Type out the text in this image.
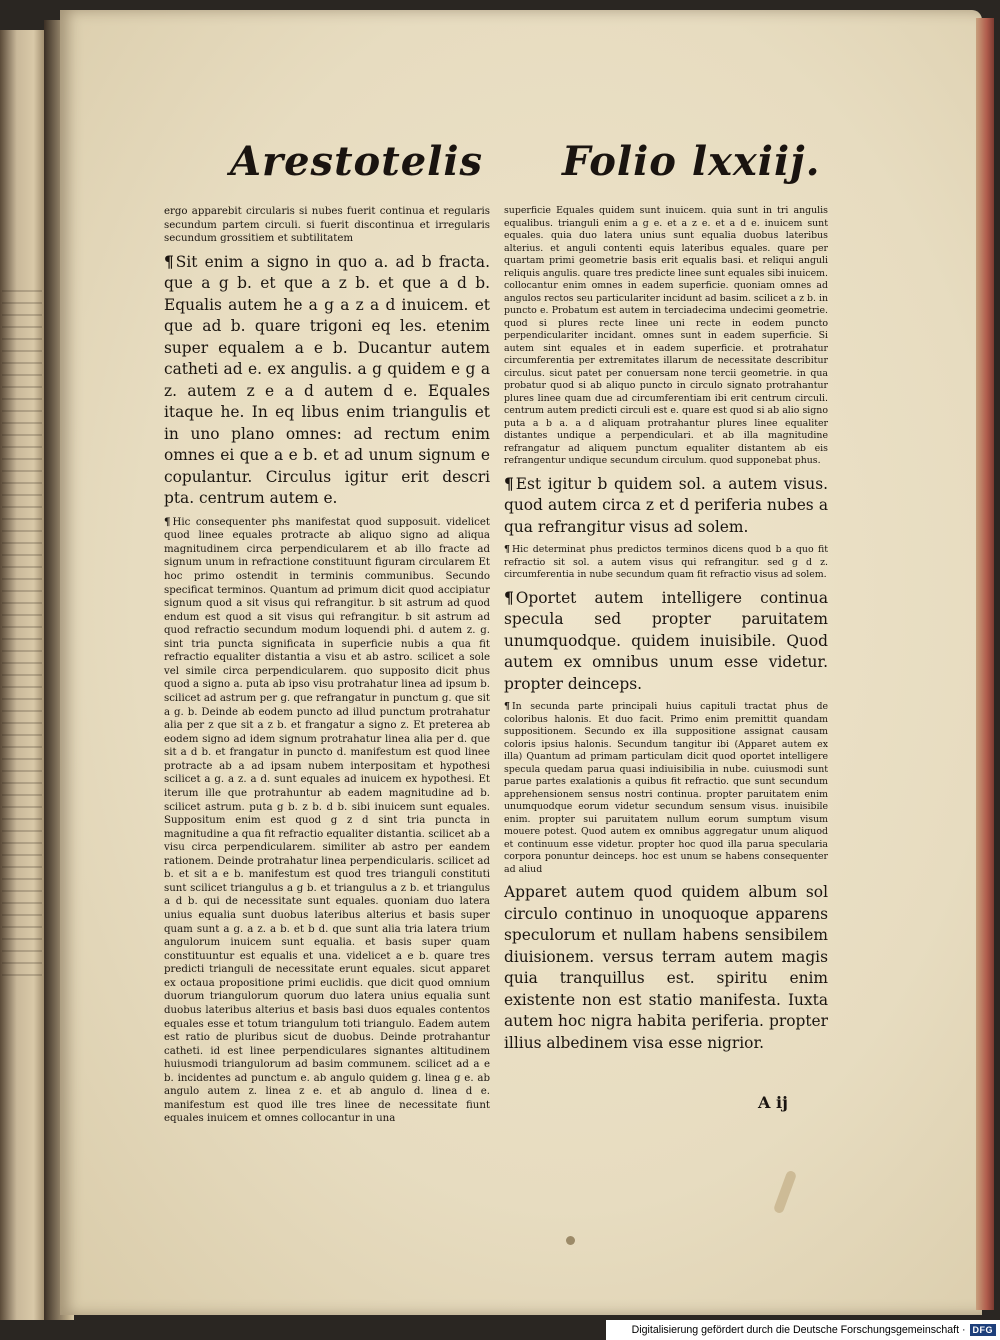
Arestotelis Folio lxxiij.

ergo apparebit circularis si nubes fuerit continua et regularis secundum partem circuli. si fuerit discontinua et irregularis secundum grossitiem et subtilitatem

¶ Sit enim a signo in quo a. ad b fracta. que a g b. et que a z b. et que a d b. Equalis autem he a g a z a d inuicem. et que ad b. quare trigoni eq les. etenim super equalem a e b. Ducantur autem catheti ad e. ex angulis. a g quidem e g a z. autem z e a d autem d e. Equales itaque he. In eq libus enim triangulis et in uno plano omnes: ad rectum enim omnes ei que a e b. et ad unum signum e copulantur. Circulus igitur erit descri pta. centrum autem e.

¶ Hic consequenter phs manifestat quod supposuit. videlicet quod linee equales protracte ab aliquo signo ad aliqua magnitudinem circa perpendicularem et ab illo fracte ad signum unum in refractione constituunt figuram circularem Et hoc primo ostendit in terminis communibus. Secundo specificat terminos. Quantum ad primum dicit quod accipiatur signum quod a sit visus qui refrangitur. b sit astrum ad quod endum est quod a sit visus qui refrangitur. b sit astrum ad quod refractio secundum modum loquendi phi. d autem z. g. sint tria puncta significata in superficie nubis a qua fit refractio equaliter distantia a visu et ab astro. scilicet a sole vel simile circa perpendicularem. quo supposito dicit phus quod a signo a. puta ab ipso visu protrahatur linea ad ipsum b. scilicet ad astrum per g. que refrangatur in punctum g. que sit a g. b. Deinde ab eodem puncto ad illud punctum protrahatur alia per z que sit a z b. et frangatur a signo z. Et preterea ab eodem signo ad idem signum protrahatur linea alia per d. que sit a d b. et frangatur in puncto d. manifestum est quod linee protracte ab a ad ipsam nubem interpositam et hypothesi scilicet a g. a z. a d. sunt equales ad inuicem ex hypothesi. Et iterum ille que protrahuntur ab eadem magnitudine ad b. scilicet astrum. puta g b. z b. d b. sibi inuicem sunt equales. Suppositum enim est quod g z d sint tria puncta in magnitudine a qua fit refractio equaliter distantia. scilicet ab a visu circa perpendicularem. similiter ab astro per eandem rationem. Deinde protrahatur linea perpendicularis. scilicet ad b. et sit a e b. manifestum est quod tres trianguli constituti sunt scilicet triangulus a g b. et triangulus a z b. et triangulus a d b. qui de necessitate sunt equales. quoniam duo latera unius equalia sunt duobus lateribus alterius et basis super quam sunt a g. a z. a b. et b d. que sunt alia tria latera trium angulorum inuicem sunt equalia. et basis super quam constituuntur est equalis et una. videlicet a e b. quare tres predicti trianguli de necessitate erunt equales. sicut apparet ex octaua propositione primi euclidis. que dicit quod omnium duorum triangulorum quorum duo latera unius equalia sunt duobus lateribus alterius et basis basi duos equales contentos equales esse et totum triangulum toti triangulo. Eadem autem est ratio de pluribus sicut de duobus. Deinde protrahantur catheti. id est linee perpendiculares signantes altitudinem huiusmodi triangulorum ad basim communem. scilicet ad a e b. incidentes ad punctum e. ab angulo quidem g. linea g e. ab angulo autem z. linea z e. et ab angulo d. linea d e. manifestum est quod ille tres linee de necessitate fiunt equales inuicem et omnes collocantur in una

superficie Equales quidem sunt inuicem. quia sunt in tri angulis equalibus. trianguli enim a g e. et a z e. et a d e. inuicem sunt equales. quia duo latera unius sunt equalia duobus lateribus alterius. et anguli contenti equis lateribus equales. quare per quartam primi geometrie basis erit equalis basi. et reliqui anguli reliquis angulis. quare tres predicte linee sunt equales sibi inuicem. collocantur enim omnes in eadem superficie. quoniam omnes ad angulos rectos seu particulariter incidunt ad basim. scilicet a z b. in puncto e. Probatum est autem in terciadecima undecimi geometrie. quod si plures recte linee uni recte in eodem puncto perpendiculariter incidant. omnes sunt in eadem superficie. Si autem sint equales et in eadem superficie. et protrahatur circumferentia per extremitates illarum de necessitate describitur circulus. sicut patet per conuersam none tercii geometrie. in qua probatur quod si ab aliquo puncto in circulo signato protrahantur plures linee quam due ad circumferentiam ibi erit centrum circuli. centrum autem predicti circuli est e. quare est quod si ab alio signo puta a b a. a d aliquam protrahantur plures linee equaliter distantes undique a perpendiculari. et ab illa magnitudine refrangatur ad aliquem punctum equaliter distantem ab eis refrangentur undique secundum circulum. quod supponebat phus.

¶ Est igitur b quidem sol. a autem visus. quod autem circa z et d periferia nubes a qua refrangitur visus ad solem.

¶ Hic determinat phus predictos terminos dicens quod b a quo fit refractio sit sol. a autem visus qui refrangitur. sed g d z. circumferentia in nube secundum quam fit refractio visus ad solem.

¶ Oportet autem intelligere continua specula sed propter paruitatem unumquodque. quidem inuisibile. Quod autem ex omnibus unum esse videtur. propter deinceps.

¶ In secunda parte principali huius capituli tractat phus de coloribus halonis. Et duo facit. Primo enim premittit quandam suppositionem. Secundo ex illa suppositione assignat causam coloris ipsius halonis. Secundum tangitur ibi (Apparet autem ex illa) Quantum ad primam particulam dicit quod oportet intelligere specula quedam parua quasi indiuisibilia in nube. cuiusmodi sunt parue partes exalationis a quibus fit refractio. que sunt secundum apprehensionem sensus nostri continua. propter paruitatem enim unumquodque eorum videtur secundum sensum visus. inuisibile enim. propter sui paruitatem nullum eorum sumptum visum mouere potest. Quod autem ex omnibus aggregatur unum aliquod et continuum esse videtur. propter hoc quod illa parua specularia corpora ponuntur deinceps. hoc est unum se habens consequenter ad aliud

Apparet autem quod quidem album sol circulo continuo in unoquoque apparens speculorum et nullam habens sensibilem diuisionem. versus terram autem magis quia tranquillus est. spiritu enim existente non est statio manifesta. Iuxta autem hoc nigra habita periferia. propter illius albedinem visa esse nigrior.

A ij
Digitalisierung gefördert durch die Deutsche Forschungsgemeinschaft · DFG
